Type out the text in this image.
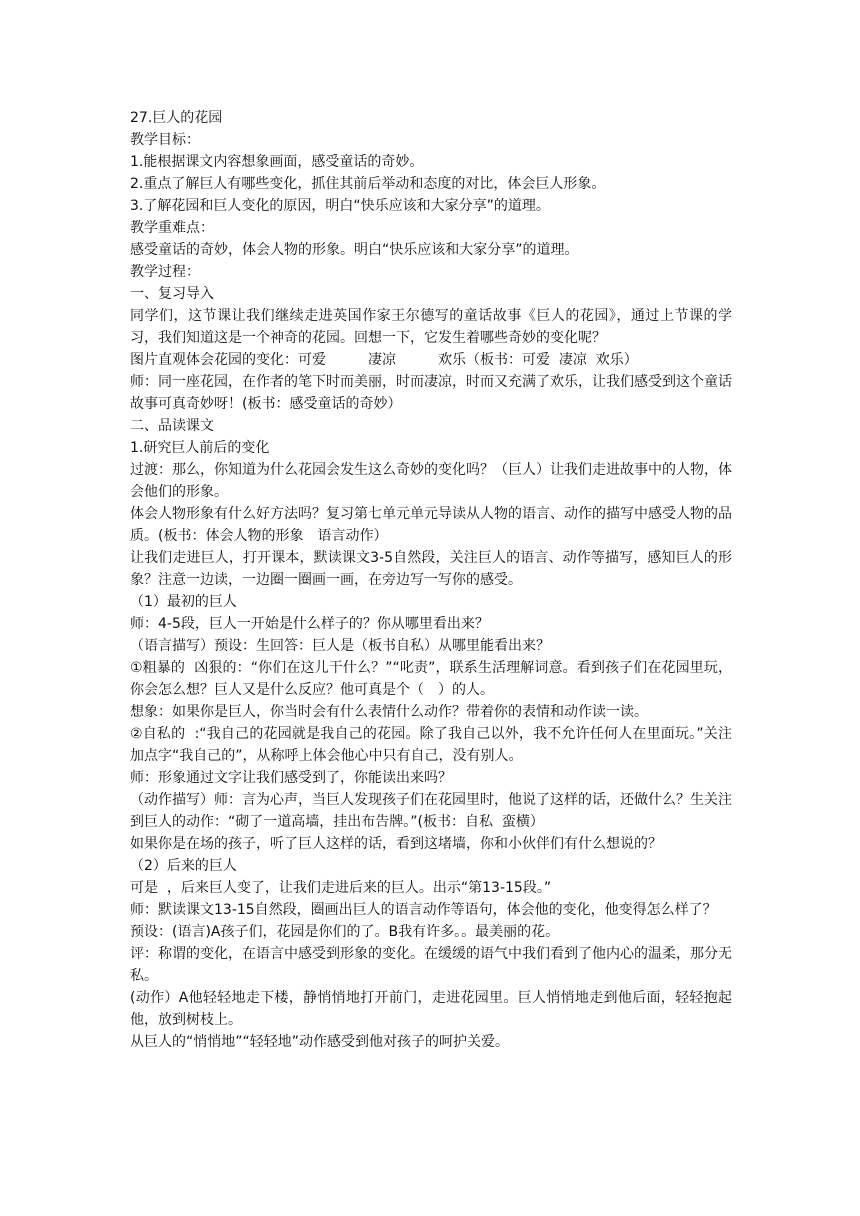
27.巨人的花园

教学目标：

1.能根据课文内容想象画面，感受童话的奇妙。

2.重点了解巨人有哪些变化，抓住其前后举动和态度的对比，体会巨人形象。

3.了解花园和巨人变化的原因，明白“快乐应该和大家分享”的道理。

教学重难点：

感受童话的奇妙，体会人物的形象。明白“快乐应该和大家分享”的道理。

教学过程：

一、复习导入

同学们，这节课让我们继续走进英国作家王尔德写的童话故事《巨人的花园》，通过上节课的学习，我们知道这是一个神奇的花园。回想一下，它发生着哪些奇妙的变化呢？

图片直观体会花园的变化：可爱　　　凄凉　　　欢乐（板书：可爱  凄凉  欢乐）

师：同一座花园，在作者的笔下时而美丽，时而凄凉，时而又充满了欢乐，让我们感受到这个童话故事可真奇妙呀！(板书：感受童话的奇妙）

二、品读课文

1.研究巨人前后的变化

过渡：那么，你知道为什么花园会发生这么奇妙的变化吗？（巨人）让我们走进故事中的人物，体会他们的形象。

体会人物形象有什么好方法吗？复习第七单元单元导读从人物的语言、动作的描写中感受人物的品质。(板书：体会人物的形象　语言动作）

让我们走进巨人，打开课本，默读课文3-5自然段，关注巨人的语言、动作等描写，感知巨人的形象？注意一边读，一边圈一圈画一画，在旁边写一写你的感受。

（1）最初的巨人

师：4-5段，巨人一开始是什么样子的？你从哪里看出来？

（语言描写）预设：生回答：巨人是（板书自私）从哪里能看出来？

①粗暴的  凶狠的：“你们在这儿干什么？”“叱责”，联系生活理解词意。看到孩子们在花园里玩，你会怎么想？巨人又是什么反应？他可真是个（　）的人。

想象：如果你是巨人，你当时会有什么表情什么动作？带着你的表情和动作读一读。

②自私的  :“我自己的花园就是我自己的花园。除了我自己以外，我不允许任何人在里面玩。”关注加点字“我自己的”，从称呼上体会他心中只有自己，没有别人。

师：形象通过文字让我们感受到了，你能读出来吗？

（动作描写）师：言为心声，当巨人发现孩子们在花园里时，他说了这样的话，还做什么？生关注到巨人的动作：“砌了一道高墙，挂出布告牌。”(板书：自私  蛮横）

如果你是在场的孩子，听了巨人这样的话，看到这堵墙，你和小伙伴们有什么想说的？

（2）后来的巨人

可是  ，后来巨人变了，让我们走进后来的巨人。出示“第13-15段。”

师：默读课文13-15自然段，圈画出巨人的语言动作等语句，体会他的变化，他变得怎么样了？

预设：(语言)A孩子们，花园是你们的了。B我有许多。。最美丽的花。

评：称谓的变化，在语言中感受到形象的变化。在缓缓的语气中我们看到了他内心的温柔，那分无私。

(动作）A他轻轻地走下楼，静悄悄地打开前门，走进花园里。巨人悄悄地走到他后面，轻轻抱起他，放到树枝上。

从巨人的“悄悄地”“轻轻地”动作感受到他对孩子的呵护关爱。
